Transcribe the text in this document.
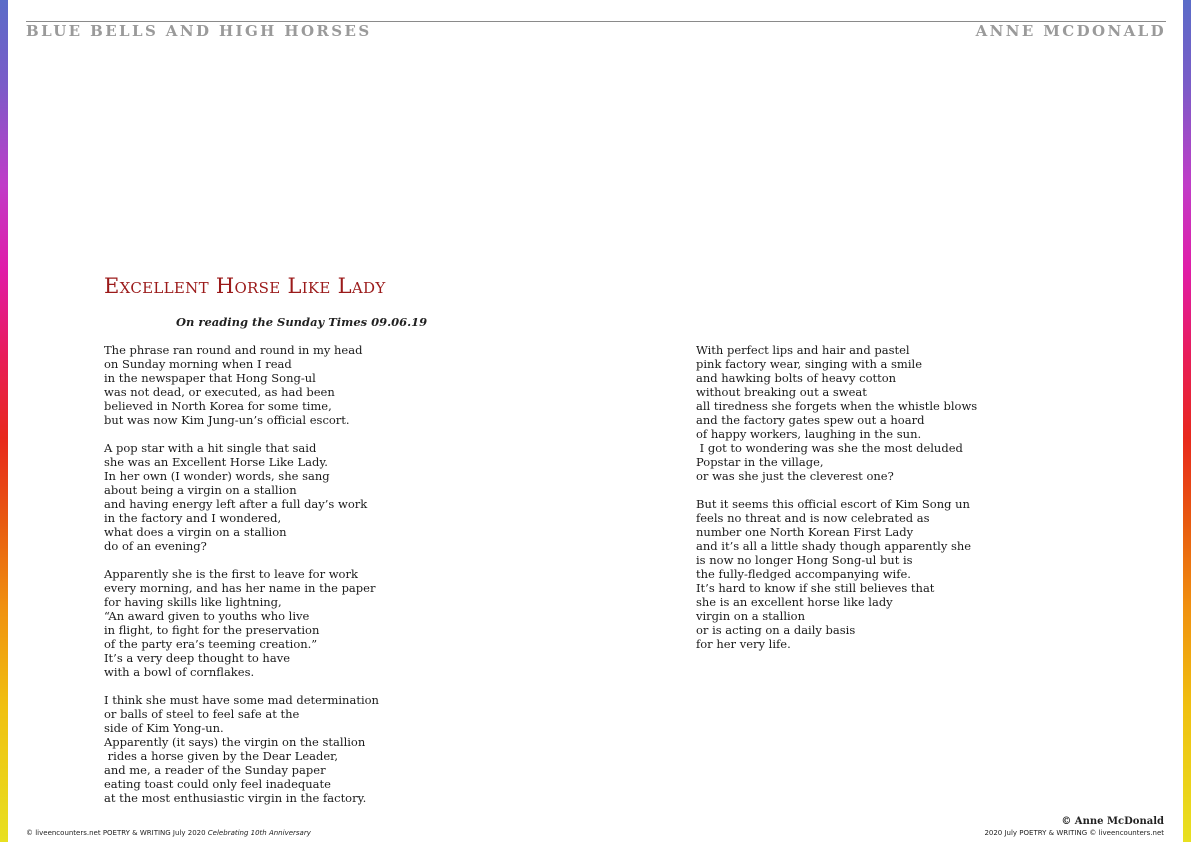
BLUE BELLS AND HIGH HORSES	ANNE MCDONALD
Excellent Horse Like Lady
On reading the Sunday Times 09.06.19
The phrase ran round and round in my head
on Sunday morning when I read
in the newspaper that Hong Song-ul
was not dead, or executed, as had been
believed in North Korea for some time,
but was now Kim Jung-un’s official escort.
A pop star with a hit single that said
she was an Excellent Horse Like Lady.
In her own (I wonder) words, she sang
about being a virgin on a stallion
and having energy left after a full day’s work
in the factory and I wondered,
what does a virgin on a stallion
do of an evening?
Apparently she is the first to leave for work
every morning, and has her name in the paper
for having skills like lightning,
“An award given to youths who live
in flight, to fight for the preservation
of the party era’s teeming creation.”
It’s a very deep thought to have
with a bowl of cornflakes.
I think she must have some mad determination
or balls of steel to feel safe at the
side of Kim Yong-un.
Apparently (it says) the virgin on the stallion
rides a horse given by the Dear Leader,
and me, a reader of the Sunday paper
eating toast could only feel inadequate
at the most enthusiastic virgin in the factory.
With perfect lips and hair and pastel
pink factory wear, singing with a smile
and hawking bolts of heavy cotton
without breaking out a sweat
all tiredness she forgets when the whistle blows
and the factory gates spew out a hoard
of happy workers, laughing in the sun.
I got to wondering was she the most deluded
Popstar in the village,
or was she just the cleverest one?
But it seems this official escort of Kim Song un
feels no threat and is now celebrated as
number one North Korean First Lady
and it’s all a little shady though apparently she
is now no longer Hong Song-ul but is
the fully-fledged accompanying wife.
It’s hard to know if she still believes that
she is an excellent horse like lady
virgin on a stallion
or is acting on a daily basis
for her very life.
© Anne McDonald
© liveencounters.net POETRY & WRITING July 2020 Celebrating 10th Anniversary	2020 July POETRY & WRITING © liveencounters.net
